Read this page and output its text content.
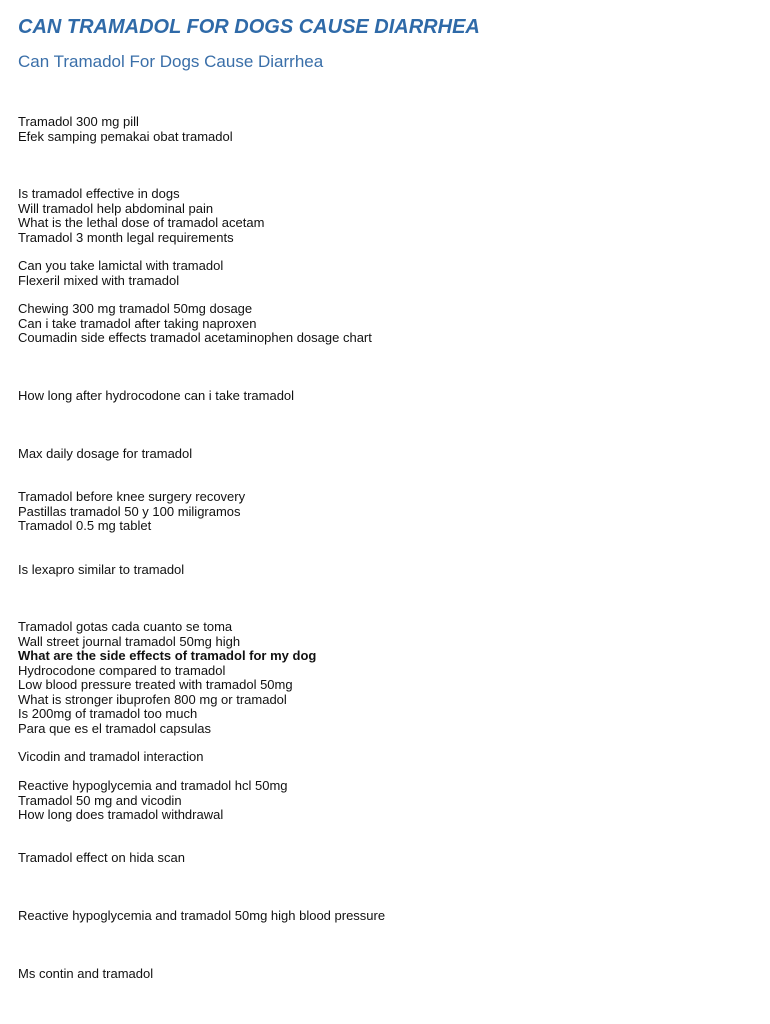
CAN TRAMADOL FOR DOGS CAUSE DIARRHEA
Can Tramadol For Dogs Cause Diarrhea
Tramadol 300 mg pill
Efek samping pemakai obat tramadol
Is tramadol effective in dogs
Will tramadol help abdominal pain
What is the lethal dose of tramadol acetam
Tramadol 3 month legal requirements
Can you take lamictal with tramadol
Flexeril mixed with tramadol
Chewing 300 mg tramadol 50mg dosage
Can i take tramadol after taking naproxen
Coumadin side effects tramadol acetaminophen dosage chart
How long after hydrocodone can i take tramadol
Max daily dosage for tramadol
Tramadol before knee surgery recovery
Pastillas tramadol 50 y 100 miligramos
Tramadol 0.5 mg tablet
Is lexapro similar to tramadol
Tramadol gotas cada cuanto se toma
Wall street journal tramadol 50mg high
What are the side effects of tramadol for my dog
Hydrocodone compared to tramadol
Low blood pressure treated with tramadol 50mg
What is stronger ibuprofen 800 mg or tramadol
Is 200mg of tramadol too much
Para que es el tramadol capsulas
Vicodin and tramadol interaction
Reactive hypoglycemia and tramadol hcl 50mg
Tramadol 50 mg and vicodin
How long does tramadol withdrawal
Tramadol effect on hida scan
Reactive hypoglycemia and tramadol 50mg high blood pressure
Ms contin and tramadol
